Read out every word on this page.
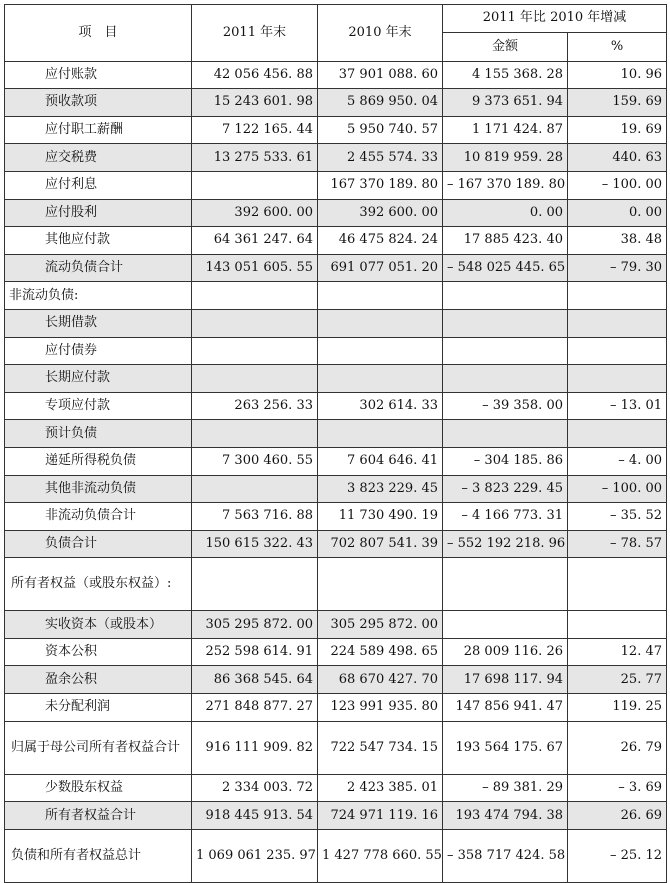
项　目	2011 年末	2010 年末	2011 年比 2010 年增减	
			金额	%
应付账款	42 056 456. 88	37 901 088. 60	4 155 368. 28	10. 96
预收款项	15 243 601. 98	5 869 950. 04	9 373 651. 94	159. 69
应付职工薪酬	7 122 165. 44	5 950 740. 57	1 171 424. 87	19. 69
应交税费	13 275 533. 61	2 455 574. 33	10 819 959. 28	440. 63
应付利息		167 370 189. 80	– 167 370 189. 80	– 100. 00
应付股利	392 600. 00	392 600. 00	0. 00	0. 00
其他应付款	64 361 247. 64	46 475 824. 24	17 885 423. 40	38. 48
流动负债合计	143 051 605. 55	691 077 051. 20	– 548 025 445. 65	– 79. 30
非流动负债:				
长期借款				
应付债券				
长期应付款				
专项应付款	263 256. 33	302 614. 33	– 39 358. 00	– 13. 01
预计负债				
递延所得税负债	7 300 460. 55	7 604 646. 41	– 304 185. 86	– 4. 00
其他非流动负债		3 823 229. 45	– 3 823 229. 45	– 100. 00
非流动负债合计	7 563 716. 88	11 730 490. 19	– 4 166 773. 31	– 35. 52
负债合计	150 615 322. 43	702 807 541. 39	– 552 192 218. 96	– 78. 57
所有者权益（或股东权益）:				
实收资本（或股本）	305 295 872. 00	305 295 872. 00		
资本公积	252 598 614. 91	224 589 498. 65	28 009 116. 26	12. 47
盈余公积	86 368 545. 64	68 670 427. 70	17 698 117. 94	25. 77
未分配利润	271 848 877. 27	123 991 935. 80	147 856 941. 47	119. 25
归属于母公司所有者权益合计	916 111 909. 82	722 547 734. 15	193 564 175. 67	26. 79
少数股东权益	2 334 003. 72	2 423 385. 01	– 89 381. 29	– 3. 69
所有者权益合计	918 445 913. 54	724 971 119. 16	193 474 794. 38	26. 69
负债和所有者权益总计	1 069 061 235. 97	1 427 778 660. 55	– 358 717 424. 58	– 25. 12
